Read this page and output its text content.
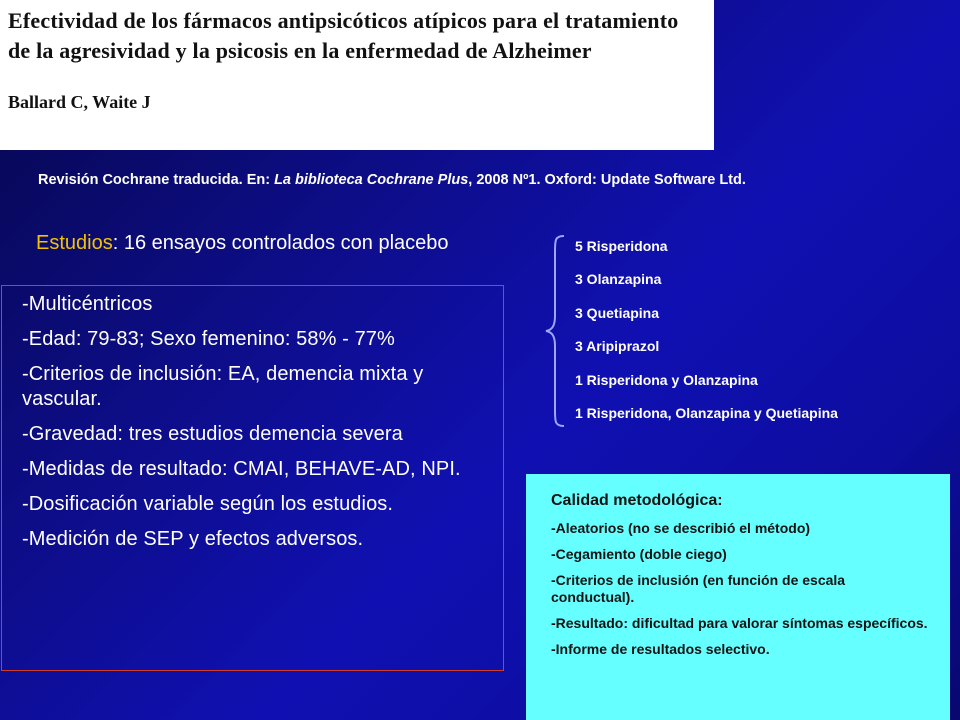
Efectividad de los fármacos antipsicóticos atípicos para el tratamiento de la agresividad y la psicosis en la enfermedad de Alzheimer

Ballard C, Waite J

Revisión Cochrane traducida. En: La biblioteca Cochrane Plus, 2008 Nº1. Oxford: Update Software Ltd.
Estudios: 16 ensayos controlados con placebo	5 Risperidona
3 Olanzapina
3 Quetiapina
3 Aripiprazol
1 Risperidona y Olanzapina
1 Risperidona, Olanzapina y Quetiapina

-Multicéntricos

-Edad: 79-83; Sexo femenino: 58% - 77%

-Criterios de inclusión: EA, demencia mixta y vascular.

-Gravedad: tres estudios demencia severa

-Medidas de resultado: CMAI, BEHAVE-AD, NPI.

-Dosificación variable según los estudios.

-Medición de SEP y efectos adversos.

Calidad metodológica:

-Aleatorios (no se describió el método)

-Cegamiento (doble ciego)

-Criterios de inclusión (en función de escala conductual).

-Resultado: dificultad para valorar síntomas específicos.

-Informe de resultados selectivo.
